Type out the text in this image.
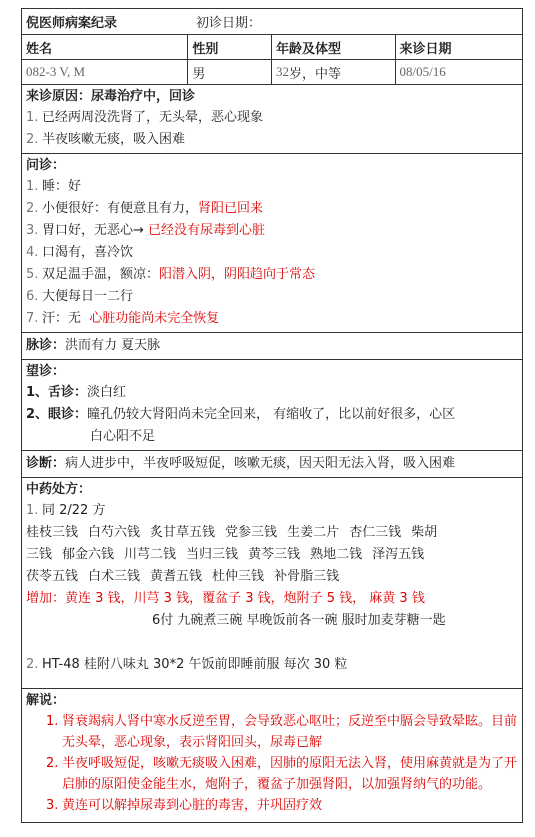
倪医师病案纪录	初诊日期：
姓名	性别	年龄及体型	来诊日期
082-3 V, M	男	32 岁，中等	08/05/16
来诊原因：尿毒治疗中，回诊
1. 已经两周没洗肾了，无头晕，恶心现象
2. 半夜咳嗽无痰，吸入困难
问诊：
1. 睡：好
2. 小便很好：有便意且有力，肾阳已回来
3. 胃口好，无恶心→ 已经没有尿毒到心脏
4. 口渴有，喜冷饮
5. 双足温手温，额凉：阳潜入阴，阴阳趋向于常态
6. 大便每日一二行
7. 汗：无 心脏功能尚未完全恢复
脉诊：洪而有力 夏天脉
望诊：
1、舌诊：淡白红
2、眼诊：瞳孔仍较大肾阳尚未完全回来， 有缩收了，比以前好很多，心区
白心阳不足
诊断：病人进步中，半夜呼吸短促，咳嗽无痰，因天阳无法入肾，吸入困难
中药处方：
1. 同 2/22 方
桂枝三钱 白芍六钱 炙甘草五钱 党参三钱 生姜二片 杏仁三钱 柴胡
三钱 郁金六钱 川芎二钱 当归三钱 黄芩三钱 熟地二钱 泽泻五钱
茯苓五钱 白术三钱 黄耆五钱 杜仲三钱 补骨脂三钱
增加：黄连 3 钱，川芎 3 钱，覆盆子 3 钱，炮附子 5 钱， 麻黄 3 钱
6付 九碗煮三碗 早晚饭前各一碗 服时加麦芽糖一匙
2. HT-48 桂附八味丸 30*2 午饭前即睡前服 每次 30 粒
解说：
1. 肾衰竭病人肾中寒水反逆至胃，会导致恶心呕吐；反逆至中膈会导致晕眩。目前无头晕，恶心现象，表示肾阳回头，尿毒已解
2. 半夜呼吸短促，咳嗽无痰吸入困难，因肺的原阳无法入肾，使用麻黄就是为了开启肺的原阳使金能生水，炮附子，覆盆子加强肾阳，以加强肾纳气的功能。
3. 黄连可以解掉尿毒到心脏的毒害，并巩固疗效
